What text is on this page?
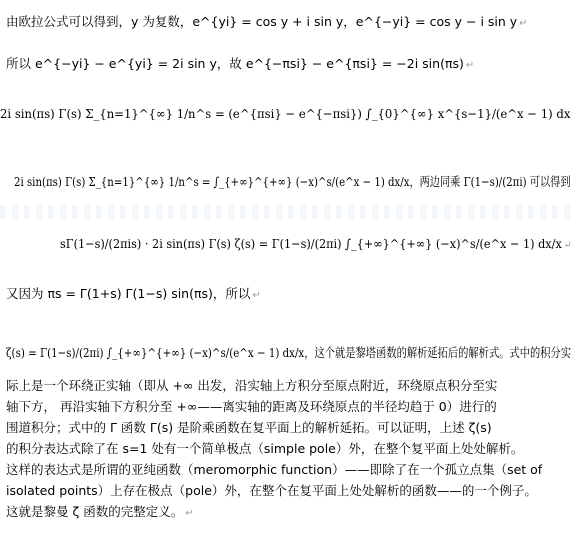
由欧拉公式可以得到，y 为复数，e^{yi} = cos y + i sin y，e^{−yi} = cos y − i sin y ↵
所以 e^{−yi} − e^{yi} = 2i sin y，故 e^{−πsi} − e^{πsi} = −2i sin(πs) ↵
2i sin(πs) Γ(s) Σ_{n=1}^{∞} 1/n^s = (e^{πsi} − e^{−πsi}) ∫_{0}^{∞} x^{s−1}/(e^x − 1) dx
2i sin(πs) Γ(s) Σ_{n=1}^{∞} 1/n^s = ∫_{+∞}^{+∞} (−x)^s/(e^x − 1) dx/x，两边同乘 Γ(1−s)/(2πi) 可以得到
sΓ(1−s)/(2πis) · 2i sin(πs) Γ(s) ζ(s) = Γ(1−s)/(2πi) ∫_{+∞}^{+∞} (−x)^s/(e^x − 1) dx/x ↵
又因为 πs = Γ(1+s) Γ(1−s) sin(πs)，所以 ↵
ζ(s) = Γ(1−s)/(2πi) ∫_{+∞}^{+∞} (−x)^s/(e^x − 1) dx/x，这个就是黎塔函数的解析延拓后的解析式。式中的积分实
际上是一个环绕正实轴（即从 +∞ 出发，沿实轴上方积分至原点附近，环绕原点积分至实
轴下方， 再沿实轴下方积分至 +∞——离实轴的距离及环绕原点的半径均趋于 0）进行的
围道积分；式中的 Γ 函数 Γ(s) 是阶乘函数在复平面上的解析延拓。可以证明，上述 ζ(s)
的积分表达式除了在 s=1 处有一个简单极点（simple pole）外，在整个复平面上处处解析。
这样的表达式是所谓的亚纯函数（meromorphic function）——即除了在一个孤立点集（set of
isolated points）上存在极点（pole）外，在整个在复平面上处处解析的函数——的一个例子。
这就是黎曼 ζ 函数的完整定义。 ↵
